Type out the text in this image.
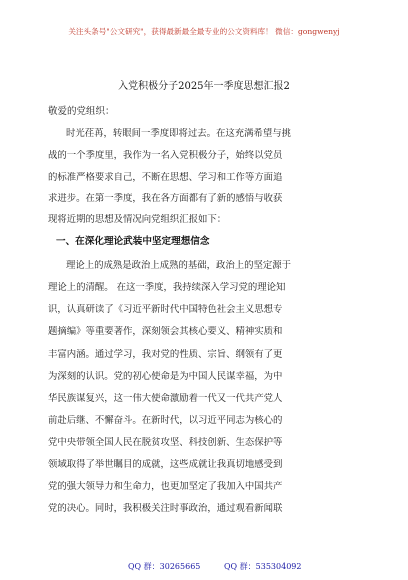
关注头条号"公文研究"，获得最新最全最专业的公文资料库！ 微信：gongwenyj
入党积极分子2025年一季度思想汇报2
敬爱的党组织：
时光荏苒，转眼间一季度即将过去。在这充满希望与挑
战的一个季度里，我作为一名入党积极分子，始终以党员
的标准严格要求自己，不断在思想、学习和工作等方面追
求进步。在第一季度，我在各方面都有了新的感悟与收获
现将近期的思想及情况向党组织汇报如下：
一、在深化理论武装中坚定理想信念
理论上的成熟是政治上成熟的基础，政治上的坚定源于
理论上的清醒。 在这一季度，我持续深入学习党的理论知
识，认真研读了《习近平新时代中国特色社会主义思想专
题摘编》等重要著作，深刻领会其核心要义、精神实质和
丰富内涵。通过学习，我对党的性质、宗旨、纲领有了更
为深刻的认识。党的初心使命是为中国人民谋幸福，为中
华民族谋复兴，这一伟大使命激励着一代又一代共产党人
前赴后继、不懈奋斗。在新时代，以习近平同志为核心的
党中央带领全国人民在脱贫攻坚、科技创新、生态保护等
领域取得了举世瞩目的成就，这些成就让我真切地感受到
党的强大领导力和生命力，也更加坚定了我加入中国共产
党的决心。同时，我积极关注时事政治，通过观看新闻联
QQ 群：30265665	QQ 群：535304092
